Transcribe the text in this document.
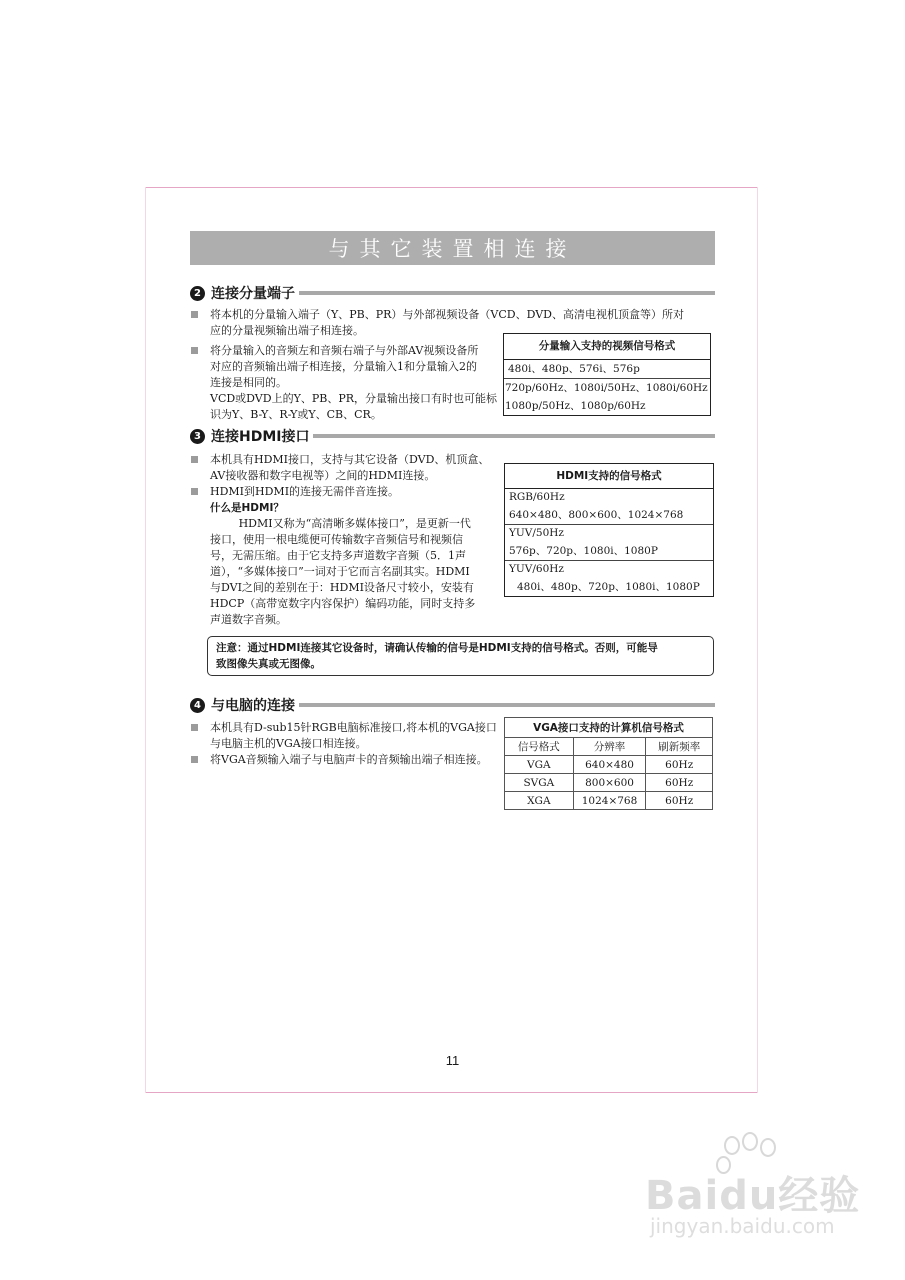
与其它装置相连接
2 连接分量端子
将本机的分量输入端子（Y、PB、PR）与外部视频设备（VCD、DVD、高清电视机顶盒等）所对
应的分量视频输出端子相连接。
将分量输入的音频左和音频右端子与外部AV视频设备所
对应的音频输出端子相连接，分量输入1和分量输入2的
连接是相同的。
VCD或DVD上的Y、PB、PR，分量输出接口有时也可能标
识为Y、B-Y、R-Y或Y、CB、CR。
分量输入支持的视频信号格式
480i、480p、576i、576p
720p/60Hz、1080i/50Hz、1080i/60Hz
1080p/50Hz、1080p/60Hz
3 连接HDMI接口
本机具有HDMI接口，支持与其它设备（DVD、机顶盒、
AV接收器和数字电视等）之间的HDMI连接。
HDMI到HDMI的连接无需伴音连接。
什么是HDMI？
HDMI又称为“高清晰多媒体接口”，是更新一代
接口，使用一根电缆便可传输数字音频信号和视频信
号，无需压缩。由于它支持多声道数字音频（5．1声
道），“多媒体接口”一词对于它而言名副其实。HDMI
与DVI之间的差别在于：HDMI设备尺寸较小，安装有
HDCP（高带宽数字内容保护）编码功能，同时支持多
声道数字音频。
HDMI支持的信号格式
RGB/60Hz
640×480、800×600、1024×768
YUV/50Hz
576p、720p、1080i、1080P
YUV/60Hz
480i、480p、720p、1080i、1080P
注意：通过HDMI连接其它设备时，请确认传输的信号是HDMI支持的信号格式。否则，可能导
致图像失真或无图像。
4 与电脑的连接
本机具有D-sub15针RGB电脑标准接口,将本机的VGA接口
与电脑主机的VGA接口相连接。
将VGA音频输入端子与电脑声卡的音频输出端子相连接。
VGA接口支持的计算机信号格式		
信号格式	分辨率	刷新频率
VGA	640×480	60Hz
SVGA	800×600	60Hz
XGA	1024×768	60Hz
11
Baidu经验
jingyan.baidu.com
